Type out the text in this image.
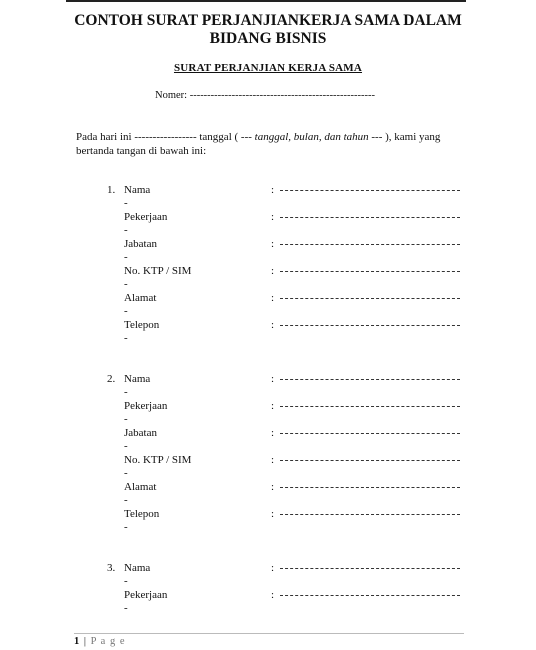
CONTOH SURAT PERJANJIANKERJA SAMA DALAM
BIDANG BISNIS
SURAT PERJANJIAN KERJA SAMA
Nomer: -----------------------------------------------------
Pada hari ini ----------------- tanggal ( --- tanggal, bulan, dan tahun --- ), kami yang bertanda tangan di bawah ini:
1. Nama	:
-
Pekerjaan	:
-
Jabatan	:
-
No. KTP / SIM	:
-
Alamat	:
-
Telepon	:
-
2. Nama	:
-
Pekerjaan	:
-
Jabatan	:
-
No. KTP / SIM	:
-
Alamat	:
-
Telepon	:
-
3. Nama	:
-
Pekerjaan	:
-
1 | P a g e
